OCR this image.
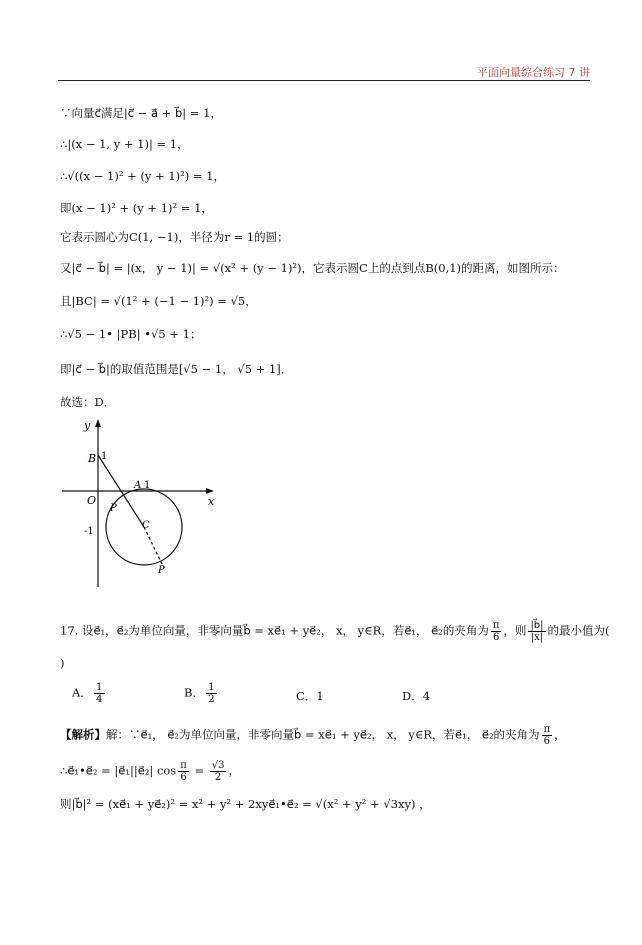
平面向量综合练习 7 讲
∵向量c⃗满足|c⃗ − a⃗ + b⃗| = 1，
∴|(x − 1, y + 1)| = 1，
∴√((x − 1)² + (y + 1)²) = 1，
即(x − 1)² + (y + 1)² = 1，
它表示圆心为C(1, −1)，半径为r = 1的圆；
又|c⃗ − b⃗| = |(x， y − 1)| = √(x² + (y − 1)²)，它表示圆C上的点到点B(0,1)的距离，如图所示：
且|BC| = √(1² + (−1 − 1)²) = √5，
∴√5 − 1• |PB| •√5 + 1；
即|c⃗ − b⃗|的取值范围是[√5 − 1， √5 + 1]．
故选：D．
y
x
B 1
O
A 1
P
C
-1
P
17. 设e⃗₁，e⃗₂为单位向量，非零向量b⃗ = xe⃗₁ + ye⃗₂， x， y∈R，若e⃗₁， e⃗₂的夹角为 $\frac{\pi}{6}$ ，则 $\frac{|b⃗|}{|x|}$ 的最小值为(
)
A． $\frac{1}{4}$	B． $\frac{1}{2}$	C．1	D．4
【解析】解：∵e⃗₁， e⃗₂为单位向量，非零向量b⃗ = xe⃗₁ + ye⃗₂， x， y∈R，若e⃗₁， e⃗₂的夹角为 $\frac{\pi}{6}$ ，
∴e⃗₁•e⃗₂ = |e⃗₁||e⃗₂| $\cos \frac{\pi}{6} = \frac{√3}{2}$ ，
则|b⃗|² = (xe⃗₁ + ye⃗₂)² = x² + y² + 2xye⃗₁•e⃗₂ = √(x² + y² + √3xy) ，
